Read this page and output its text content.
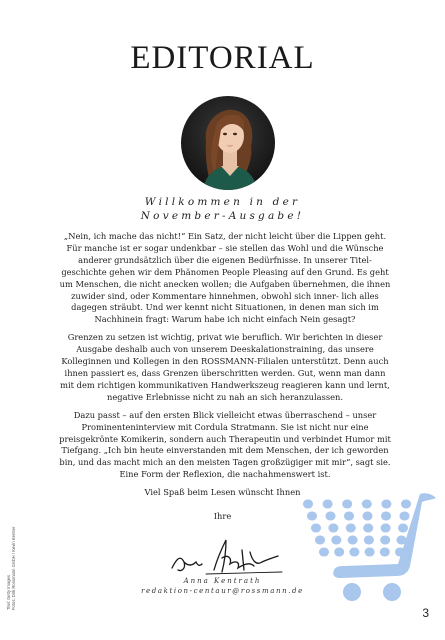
EDITORIAL
Willkommen in der
November-Ausgabe!

„Nein, ich mache das nicht!“ Ein Satz, der nicht leicht über die Lippen geht. Für manche ist er sogar undenkbar – sie stellen das Wohl und die Wünsche anderer grundsätzlich über die eigenen Bedürfnisse. In unserer Titel- geschichte gehen wir dem Phänomen People Pleasing auf den Grund. Es geht um Menschen, die nicht anecken wollen; die Aufgaben übernehmen, die ihnen zuwider sind, oder Kommentare hinnehmen, obwohl sich inner- lich alles dagegen sträubt. Und wer kennt nicht Situationen, in denen man sich im Nachhinein fragt: Warum habe ich nicht einfach Nein gesagt?

Grenzen zu setzen ist wichtig, privat wie beruflich. Wir berichten in dieser Ausgabe deshalb auch von unserem Deeskalationstraining, das unsere Kolleginnen und Kollegen in den ROSSMANN-Filialen unterstützt. Denn auch ihnen passiert es, dass Grenzen überschritten werden. Gut, wenn man dann mit dem richtigen kommunikativen Handwerkszeug reagieren kann und lernt, negative Erlebnisse nicht zu nah an sich heranzulassen.

Dazu passt – auf den ersten Blick vielleicht etwas überraschend – unser Prominenteninterview mit Cordula Stratmann. Sie ist nicht nur eine preisgekrönte Komikerin, sondern auch Therapeutin und verbindet Humor mit Tiefgang. „Ich bin heute einverstanden mit dem Menschen, der ich geworden bin, und das macht mich an den meisten Tagen großzügiger mit mir“, sagt sie. Eine Form der Reflexion, die nachahmenswert ist.

Viel Spaß beim Lesen wünscht Ihnen
Ihre
Anna Kentrath
redaktion-centaur@rossmann.de
Titel: Getty Images Fotos: Dirk Rossmann GmbH / Kevin Kemter
3
